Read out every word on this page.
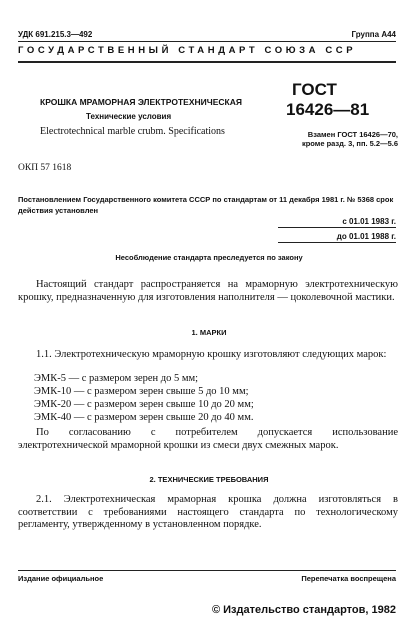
УДК 691.215.3—492	Группа А44
ГОСУДАРСТВЕННЫЙ СТАНДАРТ СОЮЗА ССР
КРОШКА МРАМОРНАЯ ЭЛЕКТРОТЕХНИЧЕСКАЯ
Технические условия
Electrotechnical marble crubm. Specifications
ОКП 57 1618
ГОСТ
16426—81
Взамен ГОСТ 16426—70, кроме разд. 3, пп. 5.2—5.6
Постановлением Государственного комитета СССР по стандартам от 11 декабря 1981 г. № 5368 срок действия установлен
с 01.01 1983 г.
до 01.01 1988 г.
Несоблюдение стандарта преследуется по закону
Настоящий стандарт распространяется на мраморную электротехническую крошку, предназначенную для изготовления наполнителя — цоколевочной мастики.
1. МАРКИ
1.1. Электротехническую мраморную крошку изготовляют следующих марок:
ЭМК-5 — с размером зерен до 5 мм;
ЭМК-10 — с размером зерен свыше 5 до 10 мм;
ЭМК-20 — с размером зерен свыше 10 до 20 мм;
ЭМК-40 — с размером зерен свыше 20 до 40 мм.
По согласованию с потребителем допускается использование электротехнической мраморной крошки из смеси двух смежных марок.
2. ТЕХНИЧЕСКИЕ ТРЕБОВАНИЯ
2.1. Электротехническая мраморная крошка должна изготовляться в соответствии с требованиями настоящего стандарта по технологическому регламенту, утвержденному в установленном порядке.
Издание официальное	Перепечатка воспрещена
© Издательство стандартов, 1982
